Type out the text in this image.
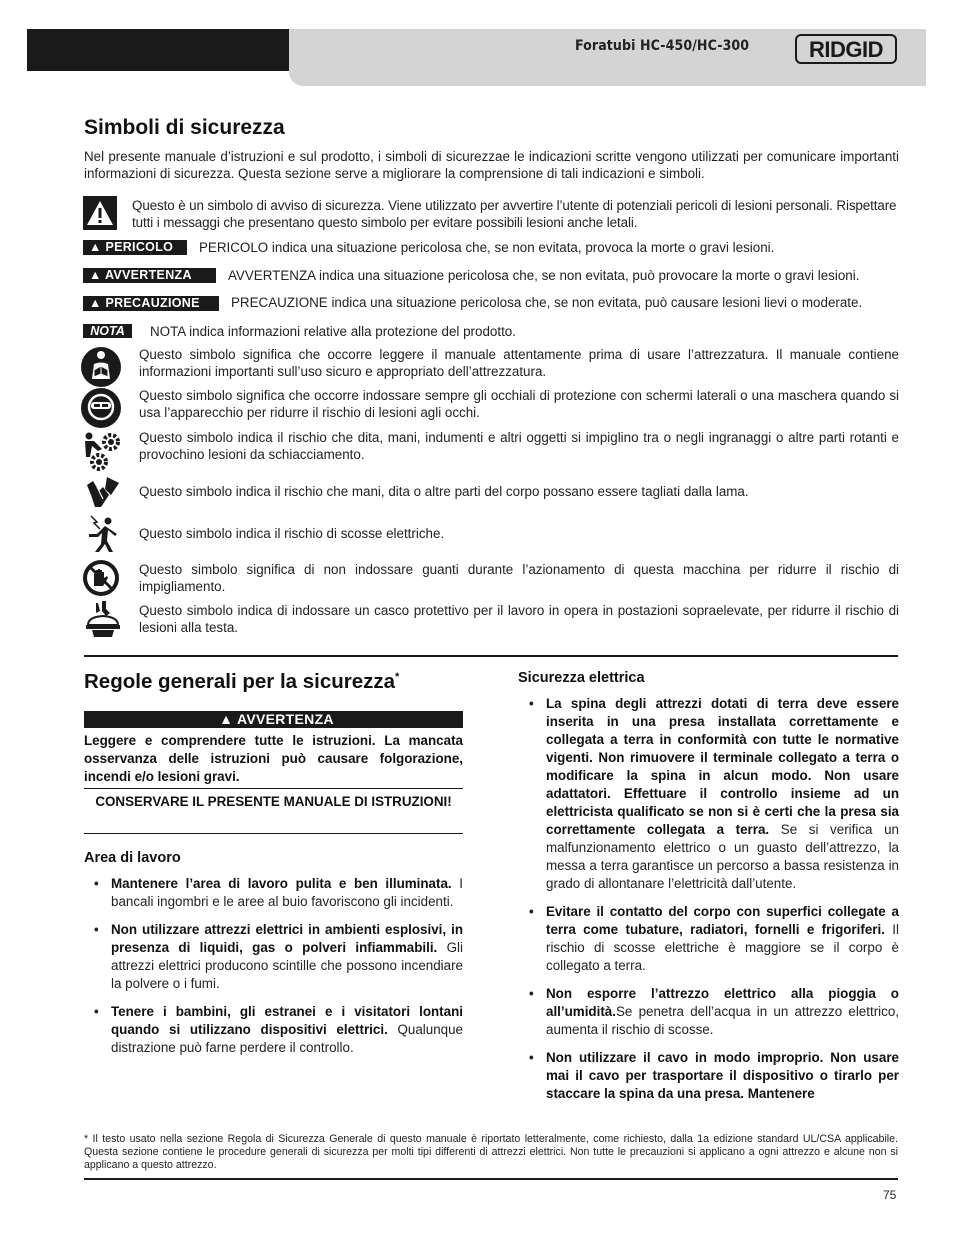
Foratubi HC-450/HC-300	RIDGID
Simboli di sicurezza
Nel presente manuale d’istruzioni e sul prodotto, i simboli di sicurezzae le indicazioni scritte vengono utilizzati per comunicare importanti informazioni di sicurezza. Questa sezione serve a migliorare la comprensione di tali indicazioni e simboli.
Questo è un simbolo di avviso di sicurezza. Viene utilizzato per avvertire l’utente di potenziali pericoli di lesioni personali. Rispettare tutti i messaggi che presentano questo simbolo per evitare possibili lesioni anche letali.
▲ PERICOLO	PERICOLO indica una situazione pericolosa che, se non evitata, provoca la morte o gravi lesioni.
▲ AVVERTENZA	AVVERTENZA indica una situazione pericolosa che, se non evitata, può provocare la morte o gravi lesioni.
▲ PRECAUZIONE	PRECAUZIONE indica una situazione pericolosa che, se non evitata, può causare lesioni lievi o moderate.
NOTA	NOTA indica informazioni relative alla protezione del prodotto.
Questo simbolo significa che occorre leggere il manuale attentamente prima di usare l’attrezzatura. Il manuale contiene informazioni importanti sull’uso sicuro e appropriato dell’attrezzatura.
Questo simbolo significa che occorre indossare sempre gli occhiali di protezione con schermi laterali o una maschera quando si usa l’apparecchio per ridurre il rischio di lesioni agli occhi.
Questo simbolo indica il rischio che dita, mani, indumenti e altri oggetti si impiglino tra o negli ingranaggi o altre parti rotanti e provochino lesioni da schiacciamento.
Questo simbolo indica il rischio che mani, dita o altre parti del corpo possano essere tagliati dalla lama.
Questo simbolo indica il rischio di scosse elettriche.
Questo simbolo significa di non indossare guanti durante l’azionamento di questa macchina per ridurre il rischio di impigliamento.
Questo simbolo indica di indossare un casco protettivo per il lavoro in opera in postazioni sopraelevate, per ridurre il rischio di lesioni alla testa.
Regole generali per la sicurezza*
▲ AVVERTENZA
Leggere e comprendere tutte le istruzioni. La mancata osservanza delle istruzioni può causare folgorazione, incendi e/o lesioni gravi.
CONSERVARE IL PRESENTE MANUALE DI ISTRUZIONI!
Area di lavoro
• Mantenere l’area di lavoro pulita e ben illuminata. I bancali ingombri e le aree al buio favoriscono gli incidenti.
• Non utilizzare attrezzi elettrici in ambienti esplosivi, in presenza di liquidi, gas o polveri infiammabili. Gli attrezzi elettrici producono scintille che possono incendiare la polvere o i fumi.
• Tenere i bambini, gli estranei e i visitatori lontani quando si utilizzano dispositivi elettrici. Qualunque distrazione può farne perdere il controllo.
Sicurezza elettrica
• La spina degli attrezzi dotati di terra deve essere inserita in una presa installata correttamente e collegata a terra in conformità con tutte le normative vigenti. Non rimuovere il terminale collegato a terra o modificare la spina in alcun modo. Non usare adattatori. Effettuare il controllo insieme ad un elettricista qualificato se non si è certi che la presa sia correttamente collegata a terra. Se si verifica un malfunzionamento elettrico o un guasto dell’attrezzo, la messa a terra garantisce un percorso a bassa resistenza in grado di allontanare l’elettricità dall’utente.
• Evitare il contatto del corpo con superfici collegate a terra come tubature, radiatori, fornelli e frigoriferi. Il rischio di scosse elettriche è maggiore se il corpo è collegato a terra.
• Non esporre l’attrezzo elettrico alla pioggia o all’umidità.Se penetra dell’acqua in un attrezzo elettrico, aumenta il rischio di scosse.
• Non utilizzare il cavo in modo improprio. Non usare mai il cavo per trasportare il dispositivo o tirarlo per staccare la spina da una presa. Mantenere
* Il testo usato nella sezione Regola di Sicurezza Generale di questo manuale è riportato letteralmente, come richiesto, dalla 1a edizione standard UL/CSA applicabile. Questa sezione contiene le procedure generali di sicurezza per molti tipi differenti di attrezzi elettrici. Non tutte le precauzioni si applicano a ogni attrezzo e alcune non si applicano a questo attrezzo.
75
